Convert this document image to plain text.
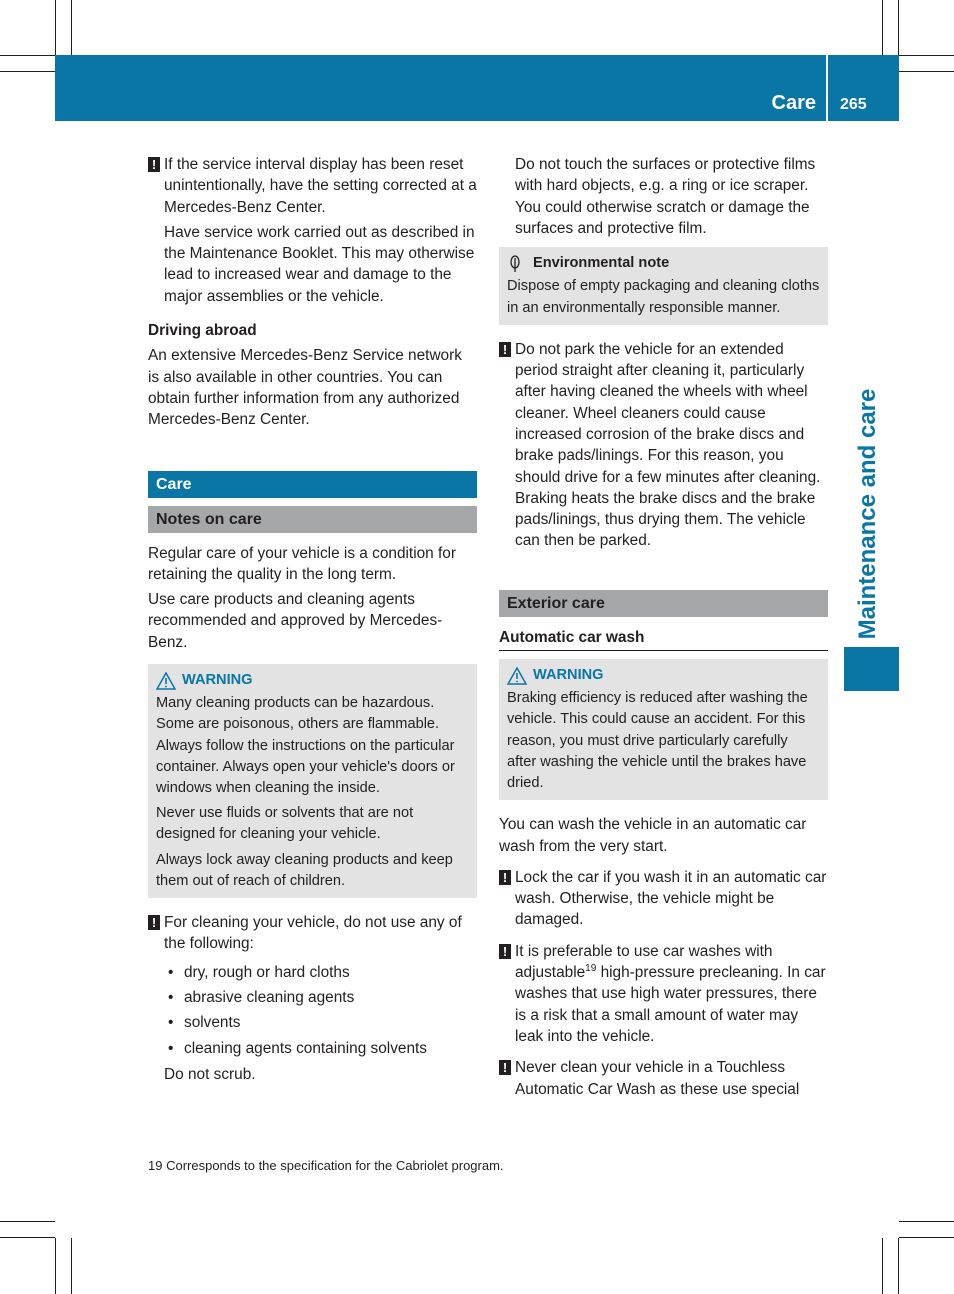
Care 265
Maintenance and care
! If the service interval display has been reset unintentionally, have the setting corrected at a Mercedes-Benz Center.

Have service work carried out as described in the Maintenance Booklet. This may otherwise lead to increased wear and damage to the major assemblies or the vehicle.

Driving abroad

An extensive Mercedes-Benz Service network is also available in other countries. You can obtain further information from any authorized Mercedes-Benz Center.

Care
Notes on care

Regular care of your vehicle is a condition for retaining the quality in the long term.

Use care products and cleaning agents recommended and approved by Mercedes-Benz.

WARNING

Many cleaning products can be hazardous. Some are poisonous, others are flammable. Always follow the instructions on the particular container. Always open your vehicle's doors or windows when cleaning the inside.

Never use fluids or solvents that are not designed for cleaning your vehicle.

Always lock away cleaning products and keep them out of reach of children.

! For cleaning your vehicle, do not use any of the following:

• dry, rough or hard cloths

• abrasive cleaning agents

• solvents

• cleaning agents containing solvents

Do not scrub.

Do not touch the surfaces or protective films with hard objects, e.g. a ring or ice scraper. You could otherwise scratch or damage the surfaces and protective film.

Environmental note

Dispose of empty packaging and cleaning cloths in an environmentally responsible manner.

! Do not park the vehicle for an extended period straight after cleaning it, particularly after having cleaned the wheels with wheel cleaner. Wheel cleaners could cause increased corrosion of the brake discs and brake pads/linings. For this reason, you should drive for a few minutes after cleaning. Braking heats the brake discs and the brake pads/linings, thus drying them. The vehicle can then be parked.

Exterior care

Automatic car wash

WARNING

Braking efficiency is reduced after washing the vehicle. This could cause an accident. For this reason, you must drive particularly carefully after washing the vehicle until the brakes have dried.

You can wash the vehicle in an automatic car wash from the very start.

! Lock the car if you wash it in an automatic car wash. Otherwise, the vehicle might be damaged.

! It is preferable to use car washes with adjustable$^{19}$ high-pressure precleaning. In car washes that use high water pressures, there is a risk that a small amount of water may leak into the vehicle.

! Never clean your vehicle in a Touchless Automatic Car Wash as these use special

19 Corresponds to the specification for the Cabriolet program.
